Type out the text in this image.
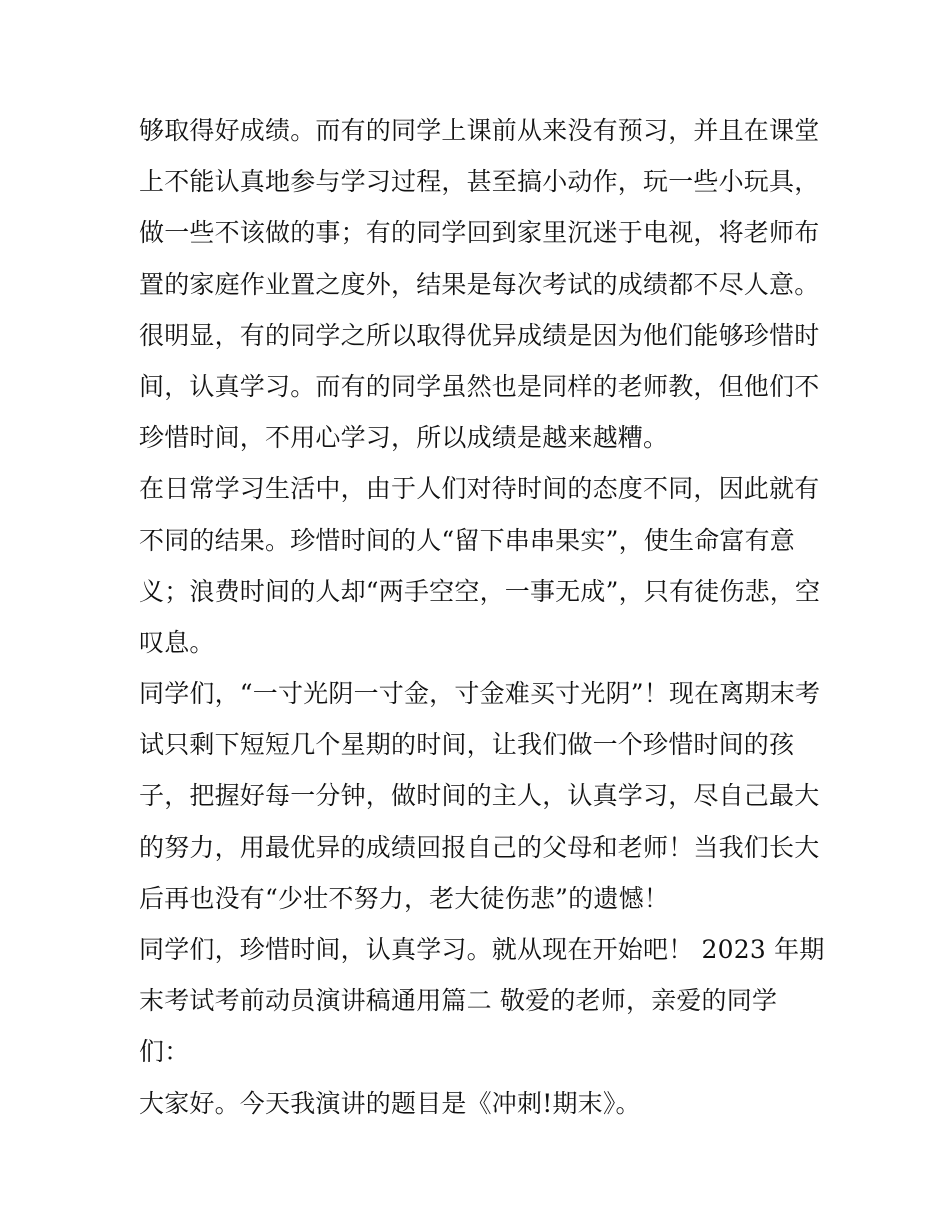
够取得好成绩。而有的同学上课前从来没有预习，并且在课堂
上不能认真地参与学习过程，甚至搞小动作，玩一些小玩具，
做一些不该做的事；有的同学回到家里沉迷于电视，将老师布
置的家庭作业置之度外，结果是每次考试的成绩都不尽人意。
很明显，有的同学之所以取得优异成绩是因为他们能够珍惜时
间，认真学习。而有的同学虽然也是同样的老师教，但他们不
珍惜时间，不用心学习，所以成绩是越来越糟。
在日常学习生活中，由于人们对待时间的态度不同，因此就有
不同的结果。珍惜时间的人“留下串串果实”，使生命富有意
义；浪费时间的人却“两手空空，一事无成”，只有徒伤悲，空
叹息。
同学们，“一寸光阴一寸金，寸金难买寸光阴”！现在离期末考
试只剩下短短几个星期的时间，让我们做一个珍惜时间的孩
子，把握好每一分钟，做时间的主人，认真学习，尽自己最大
的努力，用最优异的成绩回报自己的父母和老师！当我们长大
后再也没有“少壮不努力，老大徒伤悲”的遗憾！
同学们，珍惜时间，认真学习。就从现在开始吧！ 2023 年期
末考试考前动员演讲稿通用篇二 敬爱的老师，亲爱的同学
们：
大家好。今天我演讲的题目是《冲刺!期末》。
